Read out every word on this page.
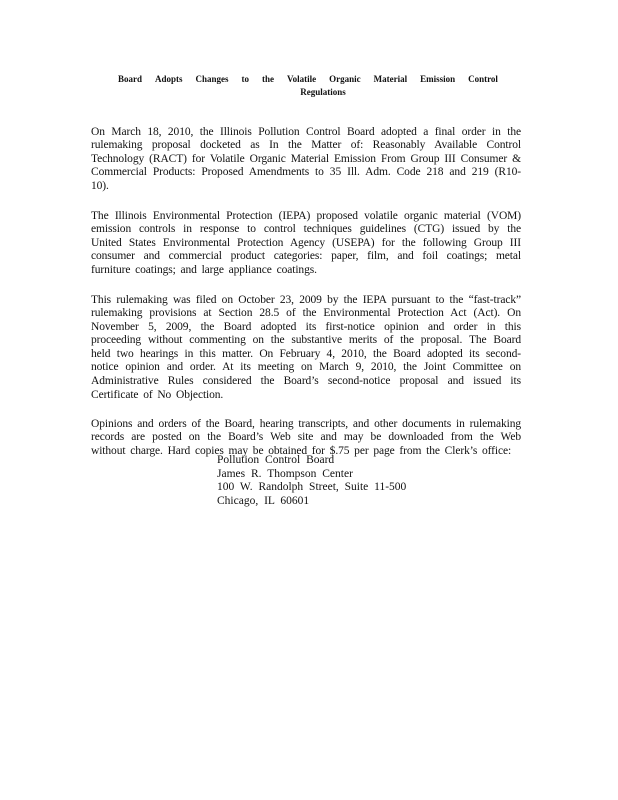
Board Adopts Changes to the Volatile Organic Material Emission Control
Regulations

On March 18, 2010, the Illinois Pollution Control Board adopted a final order in the rulemaking proposal docketed as In the Matter of: Reasonably Available Control Technology (RACT) for Volatile Organic Material Emission From Group III Consumer & Commercial Products: Proposed Amendments to 35 Ill. Adm. Code 218 and 219 (R10-10).

The Illinois Environmental Protection (IEPA) proposed volatile organic material (VOM) emission controls in response to control techniques guidelines (CTG) issued by the United States Environmental Protection Agency (USEPA) for the following Group III consumer and commercial product categories: paper, film, and foil coatings; metal furniture coatings; and large appliance coatings.

This rulemaking was filed on October 23, 2009 by the IEPA pursuant to the “fast-track” rulemaking provisions at Section 28.5 of the Environmental Protection Act (Act). On November 5, 2009, the Board adopted its first-notice opinion and order in this proceeding without commenting on the substantive merits of the proposal. The Board held two hearings in this matter. On February 4, 2010, the Board adopted its second-notice opinion and order. At its meeting on March 9, 2010, the Joint Committee on Administrative Rules considered the Board’s second-notice proposal and issued its Certificate of No Objection.

Opinions and orders of the Board, hearing transcripts, and other documents in rulemaking records are posted on the Board’s Web site and may be downloaded from the Web without charge. Hard copies may be obtained for $.75 per page from the Clerk’s office:

Pollution Control Board
James R. Thompson Center
100 W. Randolph Street, Suite 11-500
Chicago, IL 60601
